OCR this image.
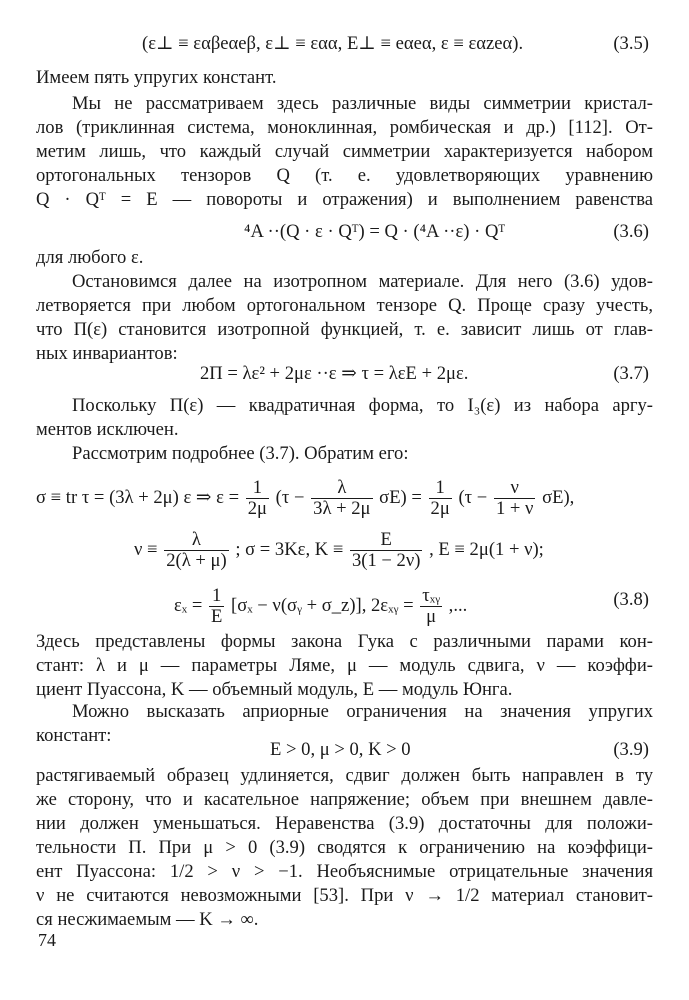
(ε⊥ ≡ εαβeαeβ, ε⊥ ≡ εαα, E⊥ ≡ eαeα, ε ≡ εαzeα).	(3.5)
Имеем пять упругих констант.
Мы не рассматриваем здесь различные виды симметрии кристал-
лов (триклинная система, моноклинная, ромбическая и др.) [112]. От-
метим лишь, что каждый случай симметрии характеризуется набором
ортогональных тензоров Q (т. е. удовлетворяющих уравнению
Q · Qᵀ = E — повороты и отражения) и выполнением равенства
⁴A ··(Q · ε · Qᵀ) = Q · (⁴A ··ε) · Qᵀ	(3.6)
для любого ε.
Остановимся далее на изотропном материале. Для него (3.6) удов-
летворяется при любом ортогональном тензоре Q. Проще сразу учесть,
что Π(ε) становится изотропной функцией, т. е. зависит лишь от глав-
ных инвариантов:
2Π = λε² + 2με ··ε ⇒ τ = λεE + 2με.	(3.7)
Поскольку Π(ε) — квадратичная форма, то I₃(ε) из набора аргу-
ментов исключен.
Рассмотрим подробнее (3.7). Обратим его:
σ ≡ tr τ = (3λ + 2μ) ε ⇒ $\varepsilon = \frac{1}{2\mu} (\tau - \frac{\lambda}{3\lambda + 2\mu} \sigma E) = \frac{1}{2\mu} (\tau - \frac{\nu}{1 + \nu} \sigma E)$,
$\nu \equiv \frac{\lambda}{2(\lambda + \mu)}$ ; σ = 3Kε, $K \equiv \frac{E}{3(1 - 2\nu)}$ , E ≡ 2μ(1 + ν);
$\varepsilon_x = \frac{1}{E} [\sigma_x$ − ν(σᵧ + σ_z)], 2εₓᵧ = $\frac{\text{τₓᵧ}}{\mu}$ ,...	(3.8)
Здесь представлены формы закона Гука с различными парами кон-
стант: λ и μ — параметры Ляме, μ — модуль сдвига, ν — коэффи-
циент Пуассона, K — объемный модуль, E — модуль Юнга.
Можно высказать априорные ограничения на значения упругих
констант:
E > 0, μ > 0, K > 0	(3.9)
растягиваемый образец удлиняется, сдвиг должен быть направлен в ту
же сторону, что и касательное напряжение; объем при внешнем давле-
нии должен уменьшаться. Неравенства (3.9) достаточны для положи-
тельности Π. При μ > 0 (3.9) сводятся к ограничению на коэффици-
ент Пуассона: 1/2 > ν > −1. Необъяснимые отрицательные значения
ν не считаются невозможными [53]. При ν → 1/2 материал становит-
ся несжимаемым — K → ∞.
74
